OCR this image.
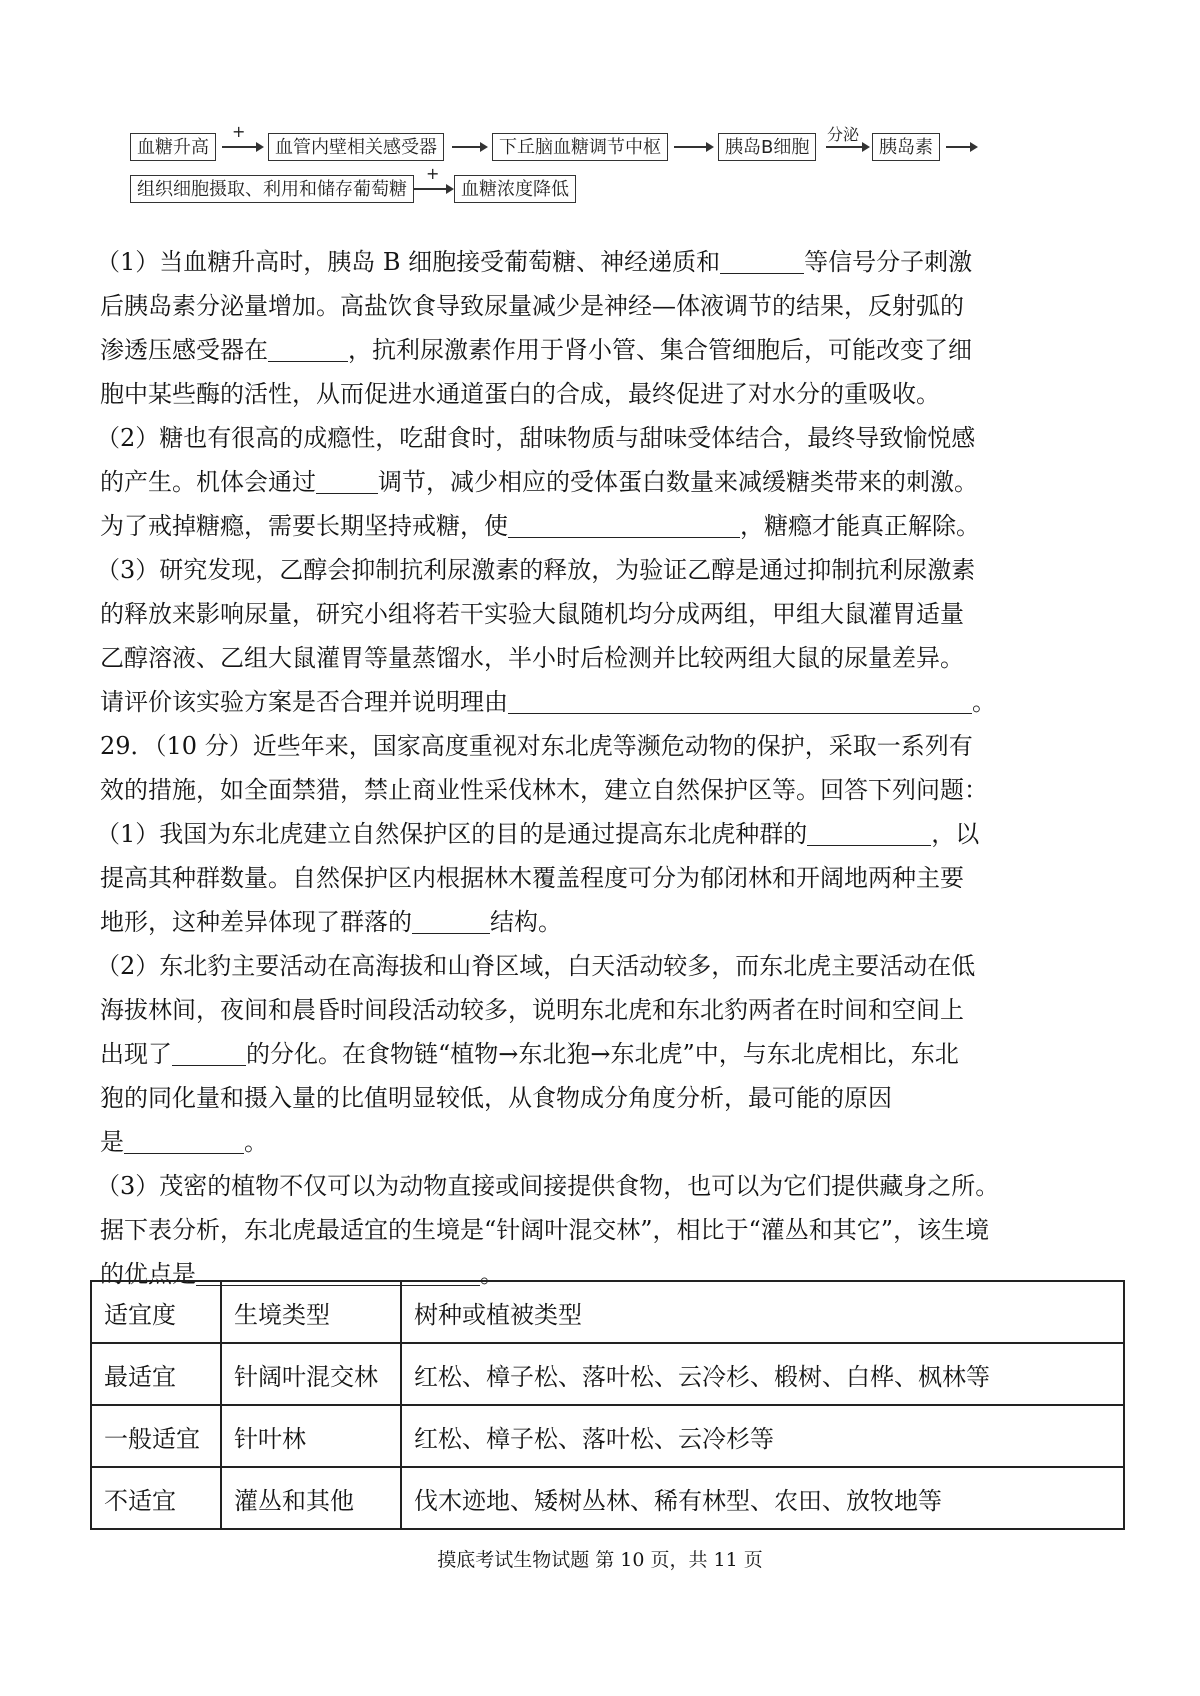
血糖升高
+
血管内壁相关感受器	下丘脑血糖调节中枢	胰岛B细胞
分泌
胰岛素
组织细胞摄取、利用和储存葡萄糖
+
血糖浓度降低

（1）当血糖升高时，胰岛 B 细胞接受葡萄糖、神经递质和	等信号分子刺激

后胰岛素分泌量增加。高盐饮食导致尿量减少是神经—体液调节的结果，反射弧的

渗透压感受器在	，抗利尿激素作用于肾小管、集合管细胞后，可能改变了细

胞中某些酶的活性，从而促进水通道蛋白的合成，最终促进了对水分的重吸收。

（2）糖也有很高的成瘾性，吃甜食时，甜味物质与甜味受体结合，最终导致愉悦感

的产生。机体会通过	调节，减少相应的受体蛋白数量来减缓糖类带来的刺激。

为了戒掉糖瘾，需要长期坚持戒糖，使	，糖瘾才能真正解除。

（3）研究发现，乙醇会抑制抗利尿激素的释放，为验证乙醇是通过抑制抗利尿激素

的释放来影响尿量，研究小组将若干实验大鼠随机均分成两组，甲组大鼠灌胃适量

乙醇溶液、乙组大鼠灌胃等量蒸馏水，半小时后检测并比较两组大鼠的尿量差异。

请评价该实验方案是否合理并说明理由	。

29．（10 分）近些年来，国家高度重视对东北虎等濒危动物的保护，采取一系列有

效的措施，如全面禁猎，禁止商业性采伐林木，建立自然保护区等。回答下列问题：

（1）我国为东北虎建立自然保护区的目的是通过提高东北虎种群的	，以

提高其种群数量。自然保护区内根据林木覆盖程度可分为郁闭林和开阔地两种主要

地形，这种差异体现了群落的	结构。

（2）东北豹主要活动在高海拔和山脊区域，白天活动较多，而东北虎主要活动在低

海拔林间，夜间和晨昏时间段活动较多，说明东北虎和东北豹两者在时间和空间上

出现了	的分化。在食物链“植物→东北狍→东北虎”中，与东北虎相比，东北

狍的同化量和摄入量的比值明显较低，从食物成分角度分析，最可能的原因

是	。

（3）茂密的植物不仅可以为动物直接或间接提供食物，也可以为它们提供藏身之所。

据下表分析，东北虎最适宜的生境是“针阔叶混交林”，相比于“灌丛和其它”，该生境

的优点是	。

适宜度	生境类型	树种或植被类型
最适宜	针阔叶混交林	红松、樟子松、落叶松、云冷杉、椴树、白桦、枫林等
一般适宜	针叶林	红松、樟子松、落叶松、云冷杉等
不适宜	灌丛和其他	伐木迹地、矮树丛林、稀有林型、农田、放牧地等
摸底考试生物试题 第 10 页，共 11 页
